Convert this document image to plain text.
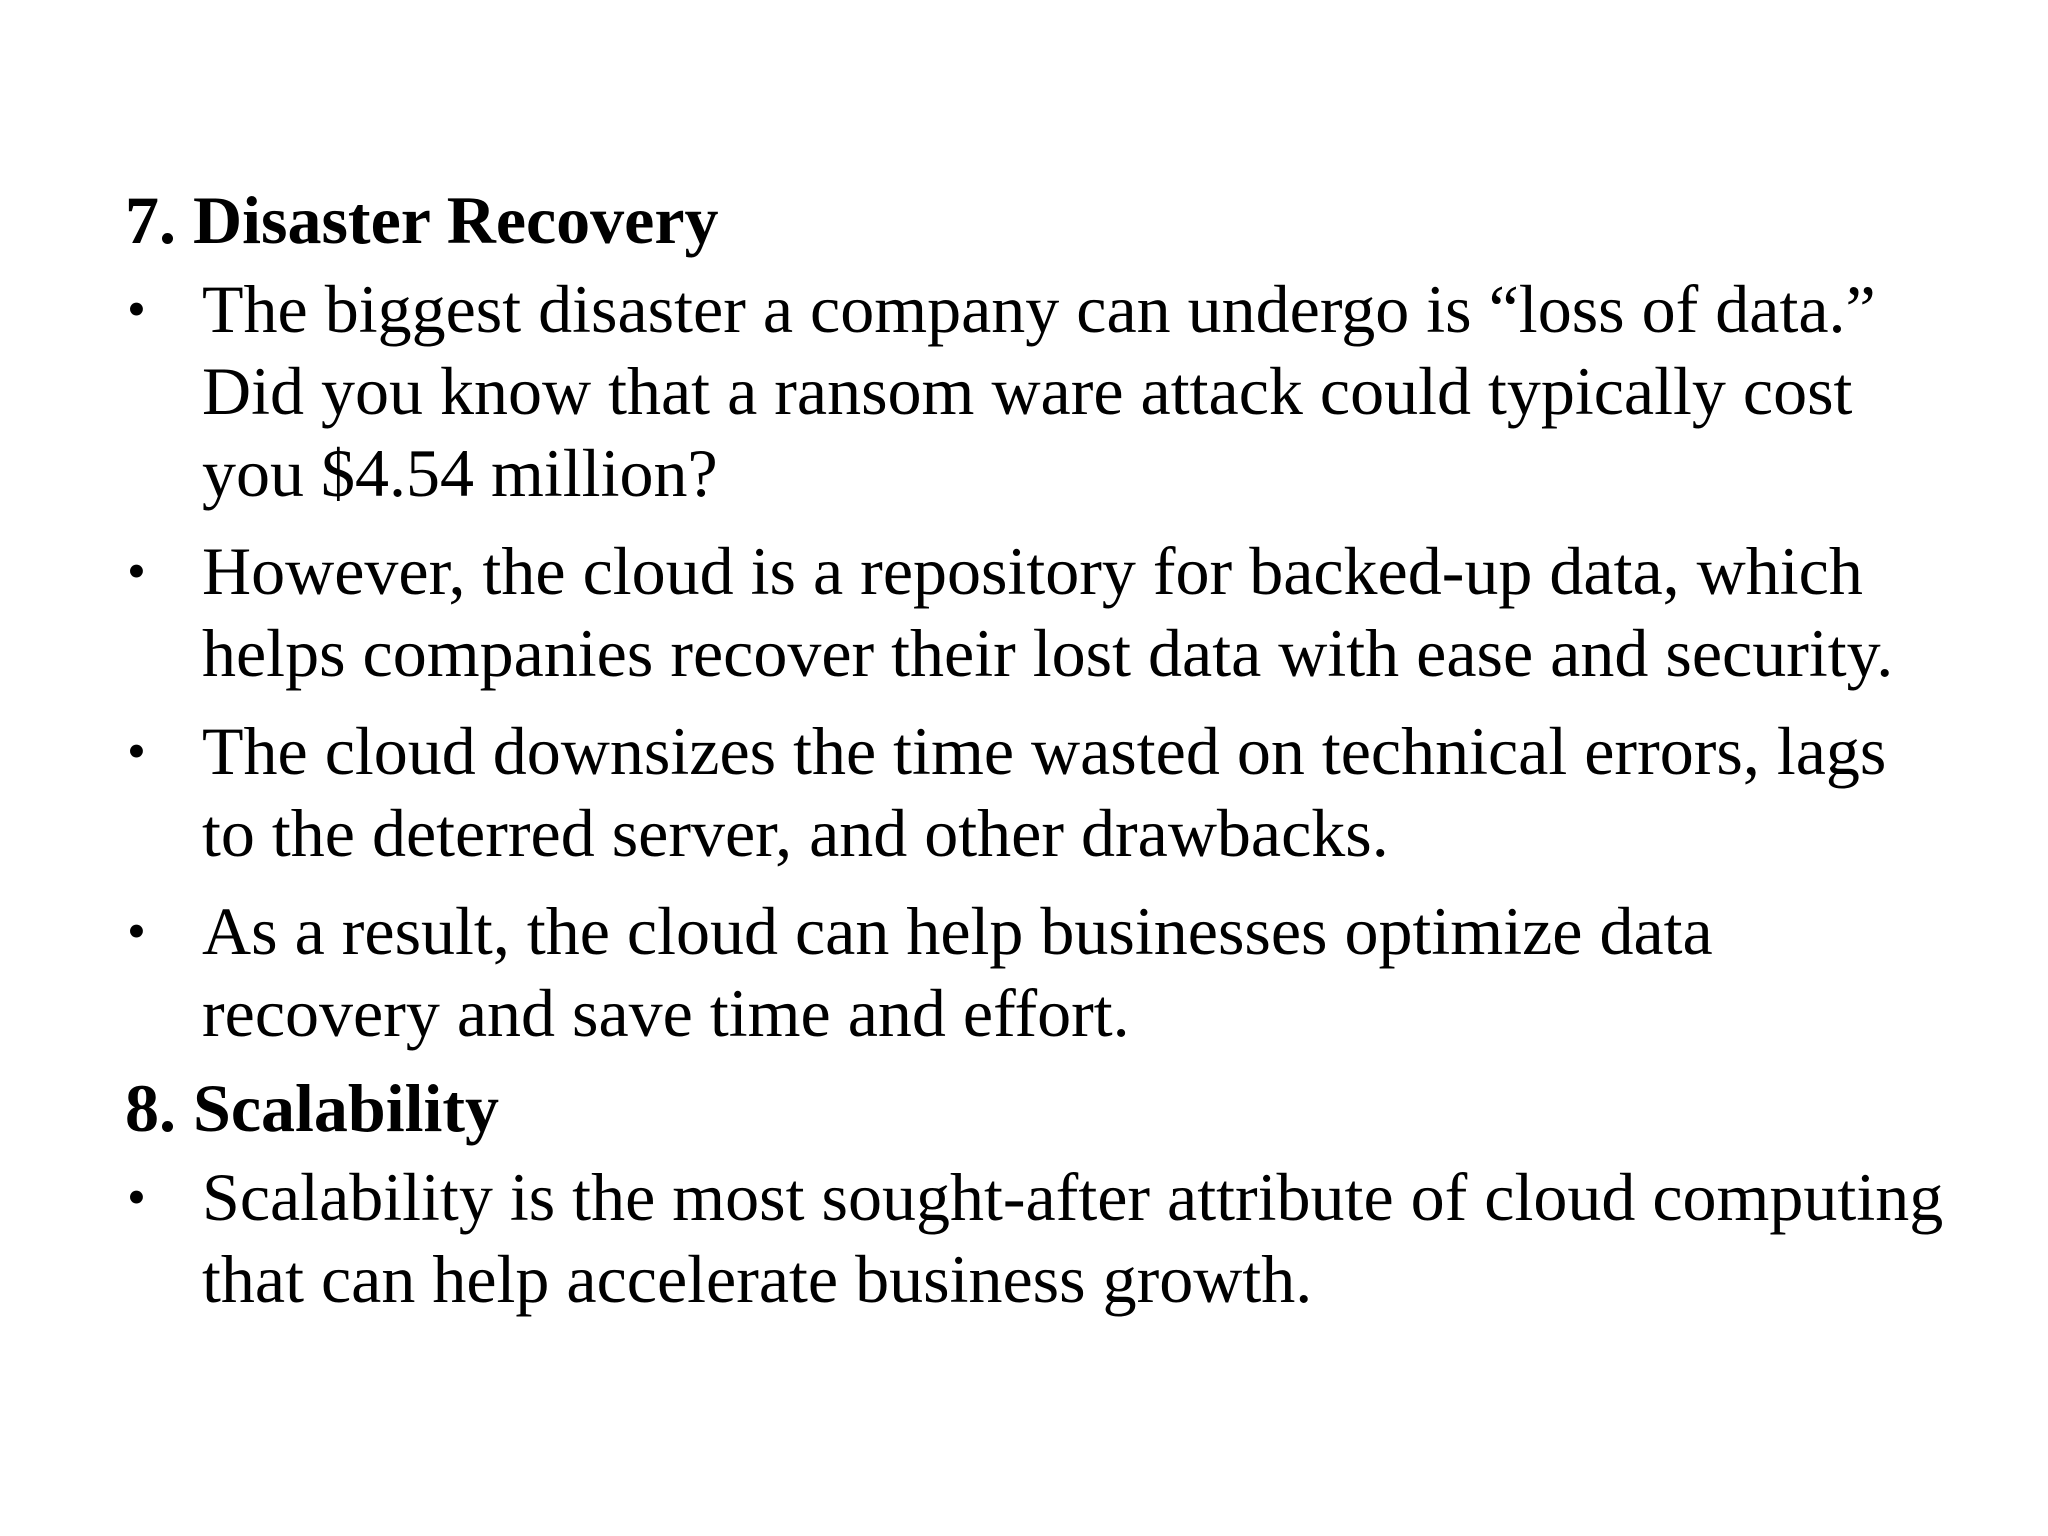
7. Disaster Recovery
• The biggest disaster a company can undergo is “loss of data.”
Did you know that a ransom ware attack could typically cost
you $4.54 million?
• However, the cloud is a repository for backed-up data, which
helps companies recover their lost data with ease and security.
• The cloud downsizes the time wasted on technical errors, lags
to the deterred server, and other drawbacks.
• As a result, the cloud can help businesses optimize data
recovery and save time and effort.
8. Scalability
• Scalability is the most sought-after attribute of cloud computing
that can help accelerate business growth.
